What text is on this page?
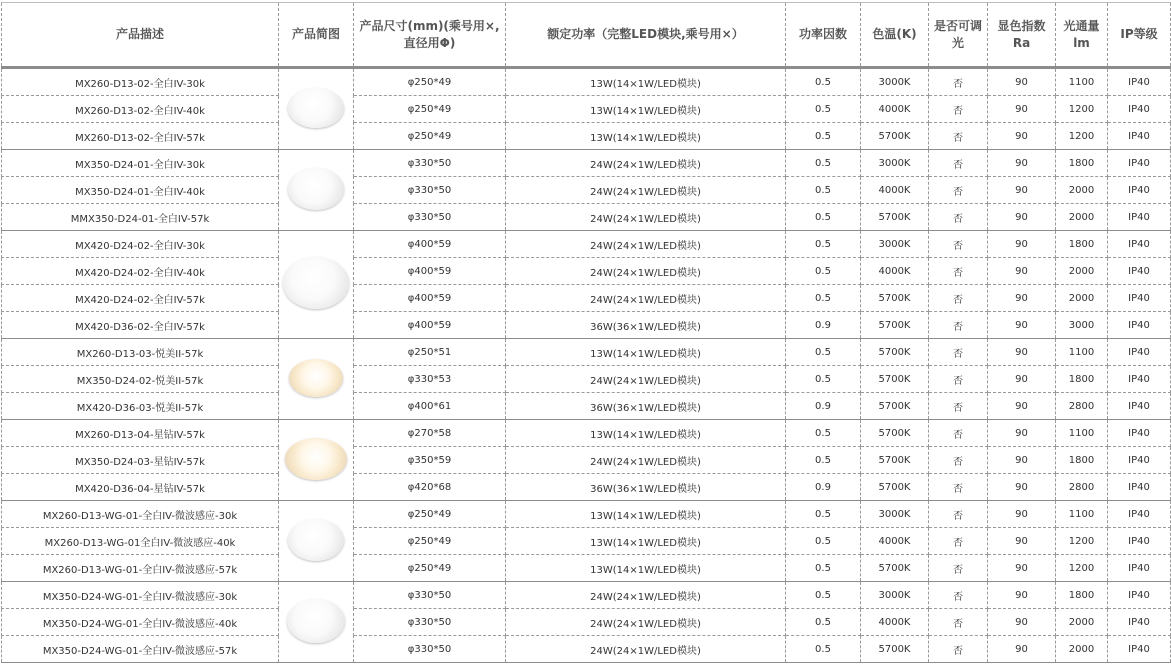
产品描述	产品简图	产品尺寸(mm)(乘号用×,直径用Φ)	额定功率（完整LED模块,乘号用×）	功率因数	色温(K)	是否可调光	显色指数Ra	光通量lm	IP等级
MX260-D13-02-全白IV-30k		φ250*49	13W(14×1W/LED模块)	0.5	3000K	否	90	1100	IP40
MX260-D13-02-全白IV-40k		φ250*49	13W(14×1W/LED模块)	0.5	4000K	否	90	1200	IP40
MX260-D13-02-全白IV-57k		φ250*49	13W(14×1W/LED模块)	0.5	5700K	否	90	1200	IP40
MX350-D24-01-全白IV-30k		φ330*50	24W(24×1W/LED模块)	0.5	3000K	否	90	1800	IP40
MX350-D24-01-全白IV-40k		φ330*50	24W(24×1W/LED模块)	0.5	4000K	否	90	2000	IP40
MMX350-D24-01-全白IV-57k		φ330*50	24W(24×1W/LED模块)	0.5	5700K	否	90	2000	IP40
MX420-D24-02-全白IV-30k		φ400*59	24W(24×1W/LED模块)	0.5	3000K	否	90	1800	IP40
MX420-D24-02-全白IV-40k		φ400*59	24W(24×1W/LED模块)	0.5	4000K	否	90	2000	IP40
MX420-D24-02-全白IV-57k		φ400*59	24W(24×1W/LED模块)	0.5	5700K	否	90	2000	IP40
MX420-D36-02-全白IV-57k		φ400*59	36W(36×1W/LED模块)	0.9	5700K	否	90	3000	IP40
MX260-D13-03-悦美II-57k		φ250*51	13W(14×1W/LED模块)	0.5	5700K	否	90	1100	IP40
MX350-D24-02-悦美II-57k		φ330*53	24W(24×1W/LED模块)	0.5	5700K	否	90	1800	IP40
MX420-D36-03-悦美II-57k		φ400*61	36W(36×1W/LED模块)	0.9	5700K	否	90	2800	IP40
MX260-D13-04-星钻IV-57k		φ270*58	13W(14×1W/LED模块)	0.5	5700K	否	90	1100	IP40
MX350-D24-03-星钻IV-57k		φ350*59	24W(24×1W/LED模块)	0.5	5700K	否	90	1800	IP40
MX420-D36-04-星钻IV-57k		φ420*68	36W(36×1W/LED模块)	0.9	5700K	否	90	2800	IP40
MX260-D13-WG-01-全白IV-微波感应-30k		φ250*49	13W(14×1W/LED模块)	0.5	3000K	否	90	1100	IP40
MX260-D13-WG-01全白IV-微波感应-40k		φ250*49	13W(14×1W/LED模块)	0.5	4000K	否	90	1200	IP40
MX260-D13-WG-01-全白IV-微波感应-57k		φ250*49	13W(14×1W/LED模块)	0.5	5700K	否	90	1200	IP40
MX350-D24-WG-01-全白IV-微波感应-30k		φ330*50	24W(24×1W/LED模块)	0.5	3000K	否	90	1800	IP40
MX350-D24-WG-01-全白IV-微波感应-40k		φ330*50	24W(24×1W/LED模块)	0.5	4000K	否	90	2000	IP40
MX350-D24-WG-01-全白IV-微波感应-57k		φ330*50	24W(24×1W/LED模块)	0.5	5700K	否	90	2000	IP40
